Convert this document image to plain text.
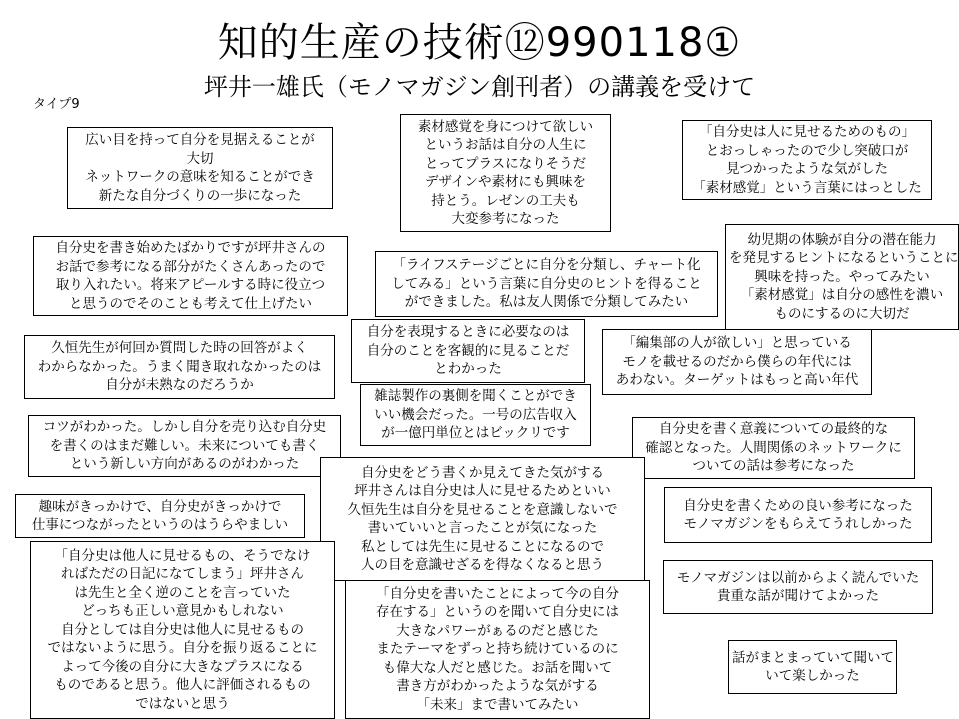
知的生産の技術⑫990118①
坪井一雄氏（モノマガジン創刊者）の講義を受けて
タイプ9
広い目を持って自分を見据えることが
大切
ネットワークの意味を知ることができ
新たな自分づくりの一歩になった
素材感覚を身につけて欲しい
というお話は自分の人生に
とってプラスになりそうだ
デザインや素材にも興味を
持とう。レゼンの工夫も
大変参考になった
「自分史は人に見せるためのもの」
とおっしゃったので少し突破口が
見つかったような気がした
「素材感覚」という言葉にはっとした
自分史を書き始めたばかりですが坪井さんの
お話で参考になる部分がたくさんあったので
取り入れたい。将来アピールする時に役立つ
と思うのでそのことも考えて仕上げたい
「ライフステージごとに自分を分類し、チャート化
してみる」という言葉に自分史のヒントを得ること
ができました。私は友人関係で分類してみたい
幼児期の体験が自分の潜在能力
を発見するヒントになるということに
興味を持った。やってみたい
「素材感覚」は自分の感性を濃い
ものにするのに大切だ
自分を表現するときに必要なのは
自分のことを客観的に見ることだ
とわかった
「編集部の人が欲しい」と思っている
モノを載せるのだから僕らの年代には
あわない。ターゲットはもっと高い年代
久恒先生が何回か質問した時の回答がよく
わからなかった。うまく聞き取れなかったのは
自分が未熟なのだろうか
雑誌製作の裏側を聞くことができ
いい機会だった。一号の広告収入
が一億円単位とはビックリです
コツがわかった。しかし自分を売り込む自分史
を書くのはまだ難しい。未来についても書く
という新しい方向があるのがわかった
自分史を書く意義についての最終的な
確認となった。人間関係のネットワークに
ついての話は参考になった
自分史をどう書くか見えてきた気がする
坪井さんは自分史は人に見せるためといい
久恒先生は自分を見せることを意識しないで
書いていいと言ったことが気になった
私としては先生に見せることになるので
人の目を意識せざるを得なくなると思う
趣味がきっかけで、自分史がきっかけで
仕事につながったというのはうらやましい
自分史を書くための良い参考になった
モノマガジンをもらえてうれしかった
「自分史は他人に見せるもの、そうでなけ
ればただの日記になてしまう」坪井さん
は先生と全く逆のことを言っていた
どっちも正しい意見かもしれない
自分としては自分史は他人に見せるもの
ではないように思う。自分を振り返ることに
よって今後の自分に大きなプラスになる
ものであると思う。他人に評価されるもの
ではないと思う
モノマガジンは以前からよく読んでいた
貴重な話が聞けてよかった
「自分史を書いたことによって今の自分
存在する」というのを聞いて自分史には
大きなパワーがぁるのだと感じた
またテーマをずっと持ち続けているのに
も偉大な人だと感じた。お話を聞いて
書き方がわかったような気がする
「未来」まで書いてみたい
話がまとまっていて聞いて
いて楽しかった
